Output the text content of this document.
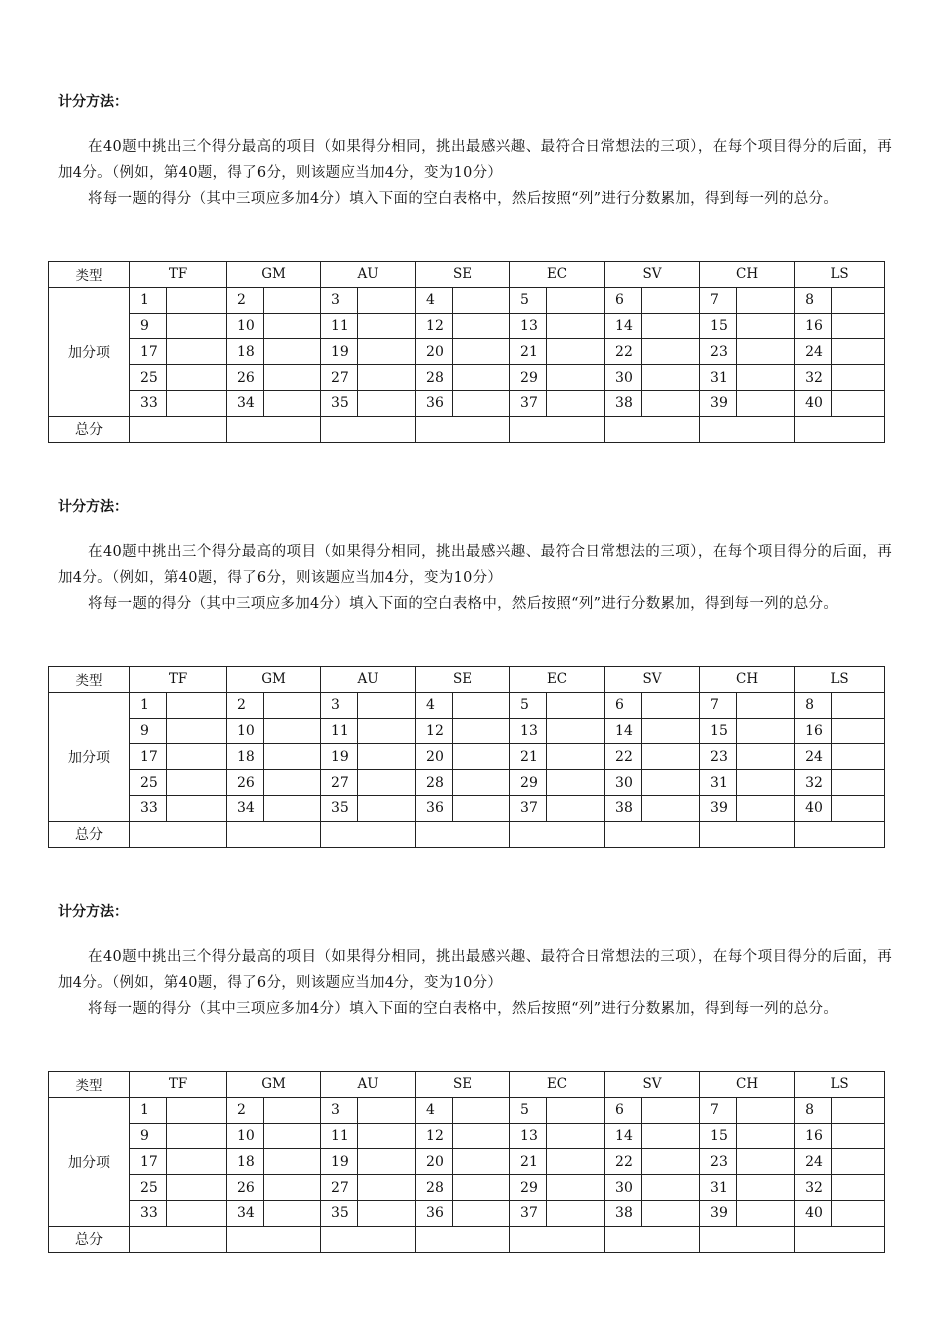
计分方法：
在40题中挑出三个得分最高的项目（如果得分相同，挑出最感兴趣、最符合日常想法的三项），在每个项目得分的后面，再加4分。（例如，第40题，得了6分，则该题应当加4分，变为10分）
将每一题的得分（其中三项应多加4分）填入下面的空白表格中，然后按照“列”进行分数累加，得到每一列的总分。
类型	TF		GM		AU		SE		EC		SV		CH		LS	
加分项	1		2		3		4		5		6		7		8	
	9		10		11		12		13		14		15		16	
	17		18		19		20		21		22		23		24	
	25		26		27		28		29		30		31		32	
	33		34		35		36		37		38		39		40	
总分																
计分方法：
在40题中挑出三个得分最高的项目（如果得分相同，挑出最感兴趣、最符合日常想法的三项），在每个项目得分的后面，再加4分。（例如，第40题，得了6分，则该题应当加4分，变为10分）
将每一题的得分（其中三项应多加4分）填入下面的空白表格中，然后按照“列”进行分数累加，得到每一列的总分。
类型	TF		GM		AU		SE		EC		SV		CH		LS	
加分项	1		2		3		4		5		6		7		8	
	9		10		11		12		13		14		15		16	
	17		18		19		20		21		22		23		24	
	25		26		27		28		29		30		31		32	
	33		34		35		36		37		38		39		40	
总分																
计分方法：
在40题中挑出三个得分最高的项目（如果得分相同，挑出最感兴趣、最符合日常想法的三项），在每个项目得分的后面，再加4分。（例如，第40题，得了6分，则该题应当加4分，变为10分）
将每一题的得分（其中三项应多加4分）填入下面的空白表格中，然后按照“列”进行分数累加，得到每一列的总分。
类型	TF		GM		AU		SE		EC		SV		CH		LS	
加分项	1		2		3		4		5		6		7		8	
	9		10		11		12		13		14		15		16	
	17		18		19		20		21		22		23		24	
	25		26		27		28		29		30		31		32	
	33		34		35		36		37		38		39		40	
总分																
